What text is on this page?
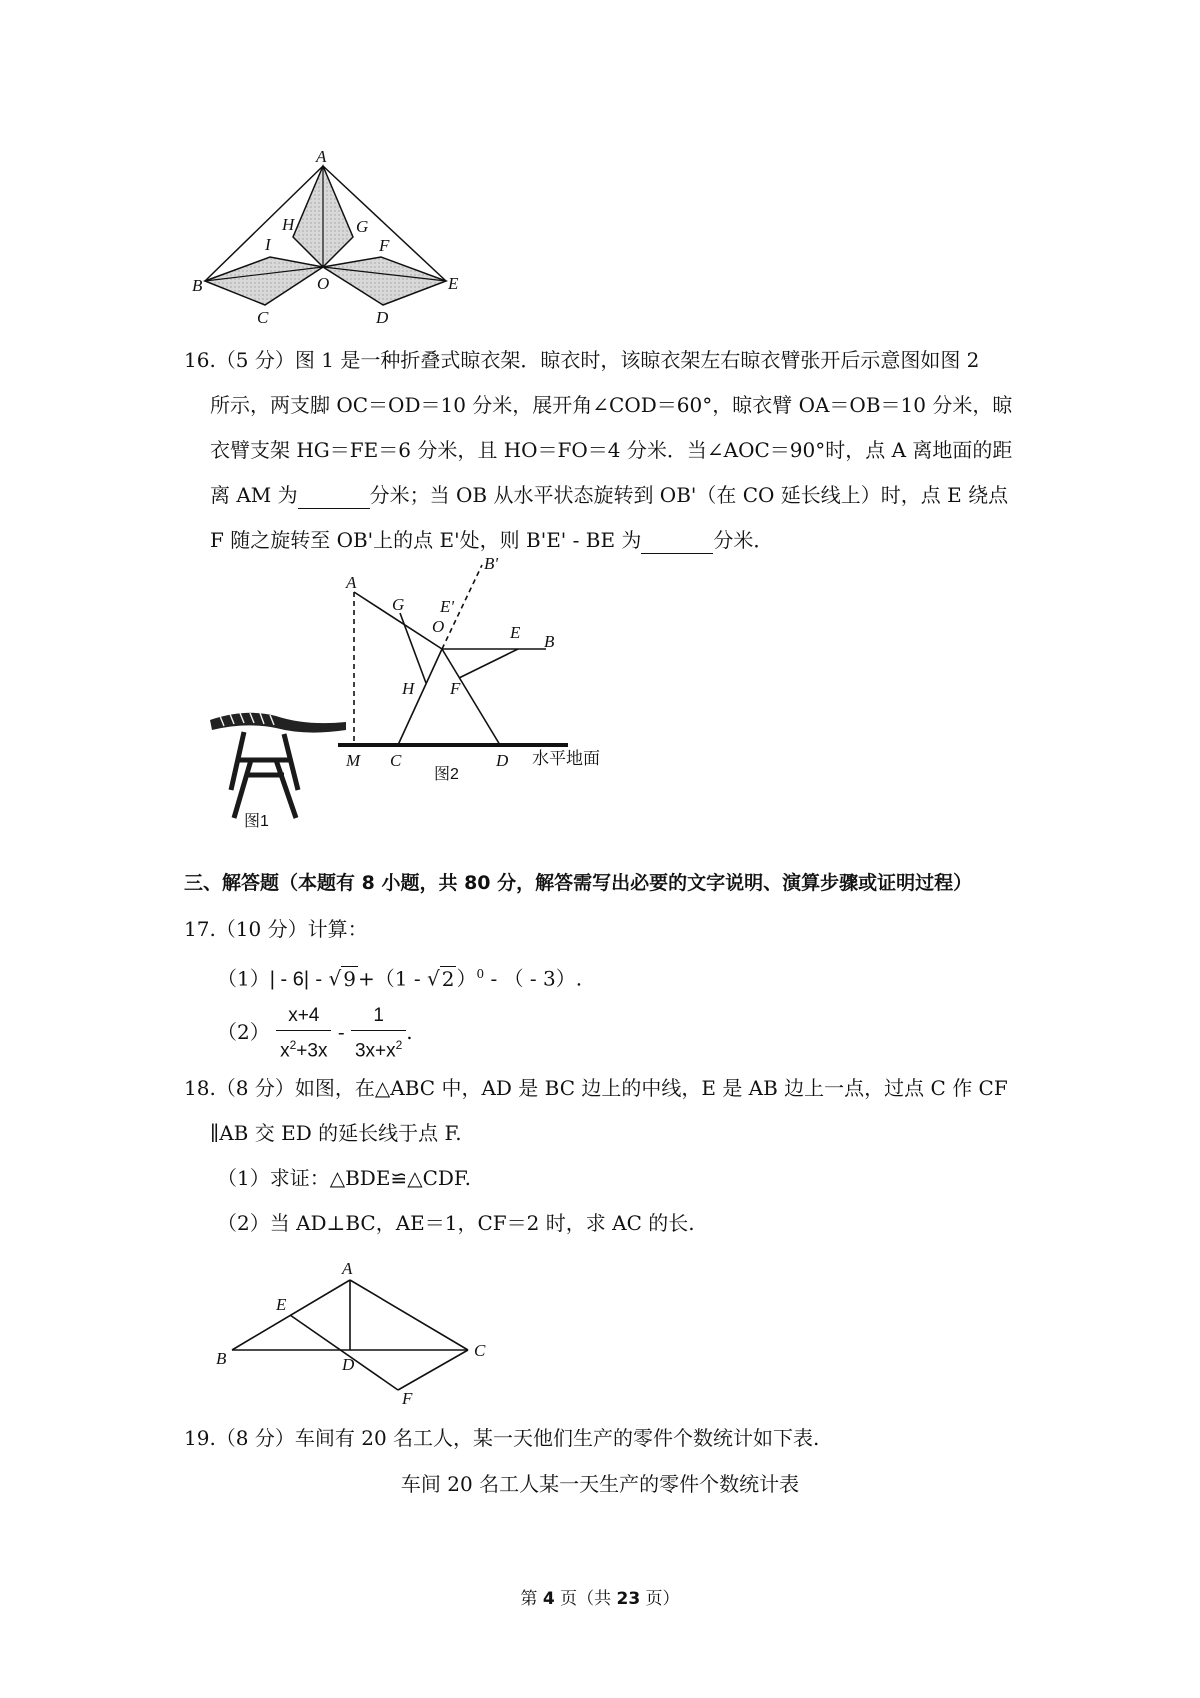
A
H	G
I	F
B	O	E
C	D
16.（5 分）图 1 是一种折叠式晾衣架．晾衣时，该晾衣架左右晾衣臂张开后示意图如图 2
所示，两支脚 OC＝OD＝10 分米，展开角∠COD＝60°，晾衣臂 OA＝OB＝10 分米，晾
衣臂支架 HG＝FE＝6 分米，且 HO＝FO＝4 分米．当∠AOC＝90°时，点 A 离地面的距
离 AM 为	分米；当 OB 从水平状态旋转到 OB'（在 CO 延长线上）时，点 E 绕点
F 随之旋转至 OB'上的点 E'处，则 B'E' - BE 为	分米．
图1
A
G E'
B'
O	E B
H F
M C	D
图2
水平地面
三、解答题（本题有 8 小题，共 80 分，解答需写出必要的文字说明、演算步骤或证明过程）
17.（10 分）计算：
（1）| - 6| - √ 9 +（1 - √ 2 ）$^0$ - （ - 3）.
$(2) \frac{x+4}{x^2+3x} - \frac{1}{3x+x^2}$ .
18.（8 分）如图，在△ABC 中，AD 是 BC 边上的中线，E 是 AB 边上一点，过点 C 作 CF
∥AB 交 ED 的延长线于点 F.
（1）求证：△BDE≌△CDF.
（2）当 AD⊥BC，AE＝1，CF＝2 时，求 AC 的长.
A
E
B	D
C
F
19.（8 分）车间有 20 名工人，某一天他们生产的零件个数统计如下表.
车间 20 名工人某一天生产的零件个数统计表
第 4 页（共 23 页）
